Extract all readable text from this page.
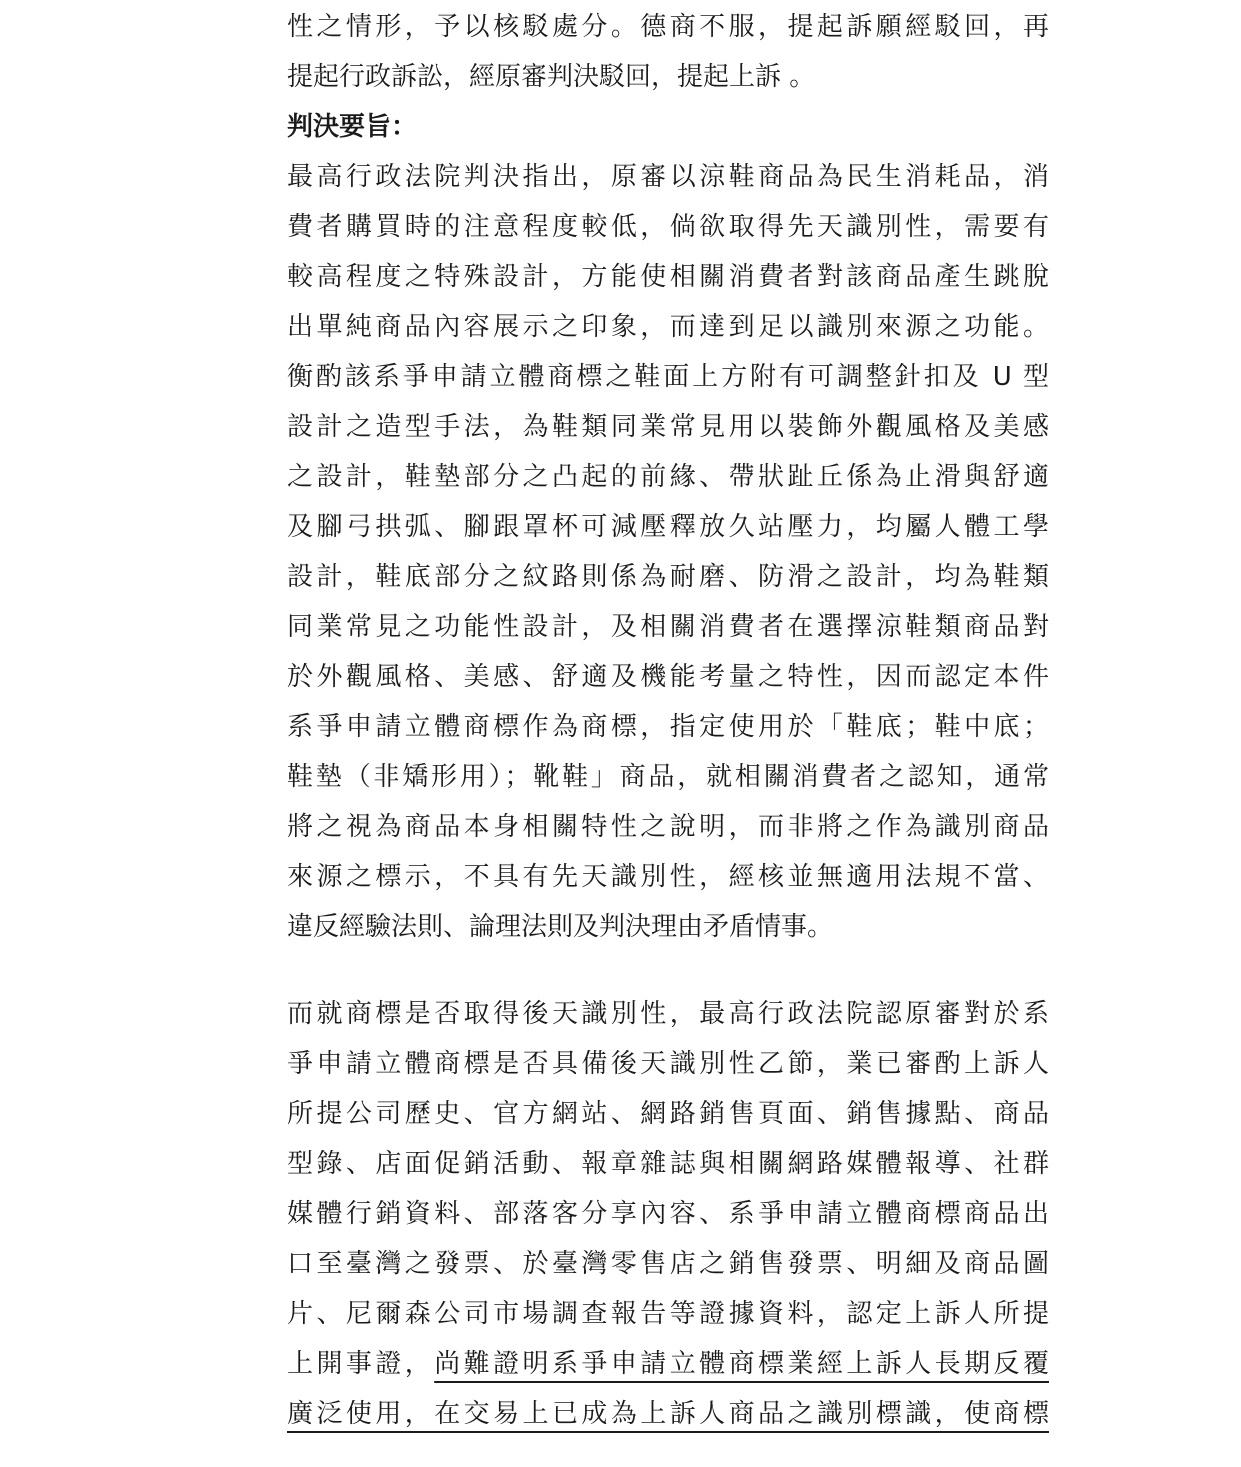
性之情形，予以核駁處分。德商不服，提起訴願經駁回，再
提起行政訴訟，經原審判決駁回，提起上訴 。
判決要旨：
最高行政法院判決指出，原審以涼鞋商品為民生消耗品，消
費者購買時的注意程度較低，倘欲取得先天識別性，需要有
較高程度之特殊設計，方能使相關消費者對該商品產生跳脫
出單純商品內容展示之印象，而達到足以識別來源之功能。
衡酌該系爭申請立體商標之鞋面上方附有可調整針扣及 U 型
設計之造型手法，為鞋類同業常見用以裝飾外觀風格及美感
之設計，鞋墊部分之凸起的前緣、帶狀趾丘係為止滑與舒適
及腳弓拱弧、腳跟罩杯可減壓釋放久站壓力，均屬人體工學
設計，鞋底部分之紋路則係為耐磨、防滑之設計，均為鞋類
同業常見之功能性設計，及相關消費者在選擇涼鞋類商品對
於外觀風格、美感、舒適及機能考量之特性，因而認定本件
系爭申請立體商標作為商標，指定使用於「鞋底；鞋中底；
鞋墊（非矯形用）；靴鞋」商品，就相關消費者之認知，通常
將之視為商品本身相關特性之說明，而非將之作為識別商品
來源之標示，不具有先天識別性，經核並無適用法規不當、
違反經驗法則、論理法則及判決理由矛盾情事。
而就商標是否取得後天識別性，最高行政法院認原審對於系
爭申請立體商標是否具備後天識別性乙節，業已審酌上訴人
所提公司歷史、官方網站、網路銷售頁面、銷售據點、商品
型錄、店面促銷活動、報章雜誌與相關網路媒體報導、社群
媒體行銷資料、部落客分享內容、系爭申請立體商標商品出
口至臺灣之發票、於臺灣零售店之銷售發票、明細及商品圖
片、尼爾森公司市場調查報告等證據資料，認定上訴人所提
上開事證，尚難證明系爭申請立體商標業經上訴人長期反覆
廣泛使用，在交易上已成為上訴人商品之識別標識，使商標
